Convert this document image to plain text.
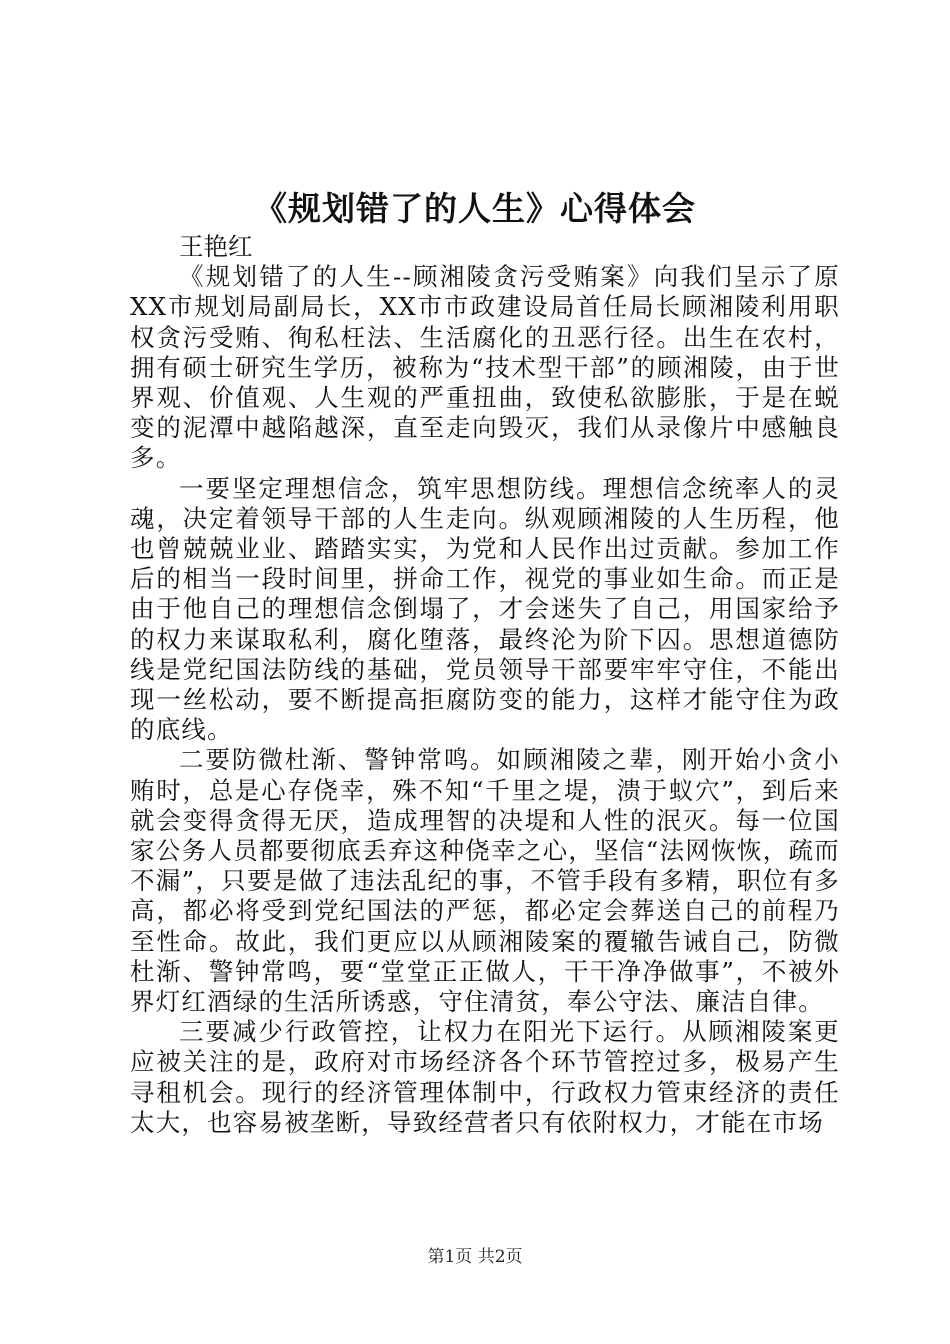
《规划错了的人生》心得体会

王艳红

《规划错了的人生--顾湘陵贪污受贿案》向我们呈示了原XX市规划局副局长，XX市市政建设局首任局长顾湘陵利用职权贪污受贿、徇私枉法、生活腐化的丑恶行径。出生在农村，拥有硕士研究生学历，被称为“技术型干部”的顾湘陵，由于世界观、价值观、人生观的严重扭曲，致使私欲膨胀，于是在蜕变的泥潭中越陷越深，直至走向毁灭，我们从录像片中感触良多。

一要坚定理想信念，筑牢思想防线。理想信念统率人的灵魂，决定着领导干部的人生走向。纵观顾湘陵的人生历程，他也曾兢兢业业、踏踏实实，为党和人民作出过贡献。参加工作后的相当一段时间里，拼命工作，视党的事业如生命。而正是由于他自己的理想信念倒塌了，才会迷失了自己，用国家给予的权力来谋取私利，腐化堕落，最终沦为阶下囚。思想道德防线是党纪国法防线的基础，党员领导干部要牢牢守住，不能出现一丝松动，要不断提高拒腐防变的能力，这样才能守住为政的底线。

二要防微杜渐、警钟常鸣。如顾湘陵之辈，刚开始小贪小贿时，总是心存侥幸，殊不知“千里之堤，溃于蚁穴”，到后来就会变得贪得无厌，造成理智的决堤和人性的泯灭。每一位国家公务人员都要彻底丢弃这种侥幸之心，坚信“法网恢恢，疏而不漏”，只要是做了违法乱纪的事，不管手段有多精，职位有多高，都必将受到党纪国法的严惩，都必定会葬送自己的前程乃至性命。故此，我们更应以从顾湘陵案的覆辙告诫自己，防微杜渐、警钟常鸣，要“堂堂正正做人，干干净净做事”，不被外界灯红酒绿的生活所诱惑，守住清贫，奉公守法、廉洁自律。

三要减少行政管控，让权力在阳光下运行。从顾湘陵案更应被关注的是，政府对市场经济各个环节管控过多，极易产生寻租机会。现行的经济管理体制中，行政权力管束经济的责任太大，也容易被垄断，导致经营者只有依附权力，才能在市场

第1页 共2页
